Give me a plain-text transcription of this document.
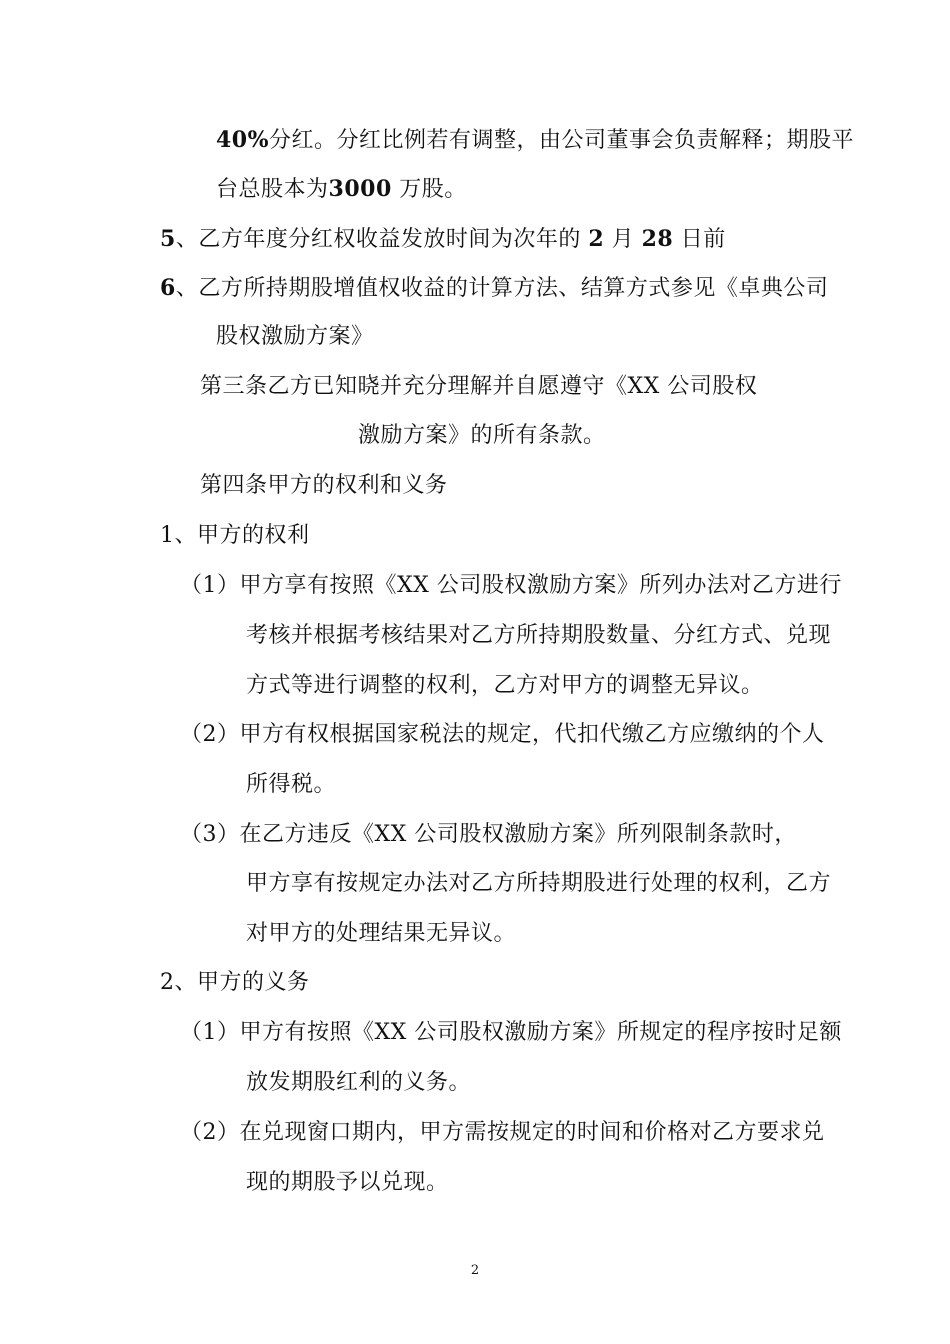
40%分红。分红比例若有调整，由公司董事会负责解释；期股平
台总股本为3000 万股。
5、乙方年度分红权收益发放时间为次年的 2 月 28 日前
6、乙方所持期股增值权收益的计算方法、结算方式参见《卓典公司
股权激励方案》
第三条乙方已知晓并充分理解并自愿遵守《XX 公司股权
激励方案》的所有条款。
第四条甲方的权利和义务
1、甲方的权利
（1）甲方享有按照《XX 公司股权激励方案》所列办法对乙方进行
考核并根据考核结果对乙方所持期股数量、分红方式、兑现
方式等进行调整的权利，乙方对甲方的调整无异议。
（2）甲方有权根据国家税法的规定，代扣代缴乙方应缴纳的个人
所得税。
（3）在乙方违反《XX 公司股权激励方案》所列限制条款时，
甲方享有按规定办法对乙方所持期股进行处理的权利，乙方
对甲方的处理结果无异议。
2、甲方的义务
（1）甲方有按照《XX 公司股权激励方案》所规定的程序按时足额
放发期股红利的义务。
（2）在兑现窗口期内，甲方需按规定的时间和价格对乙方要求兑
现的期股予以兑现。
2
